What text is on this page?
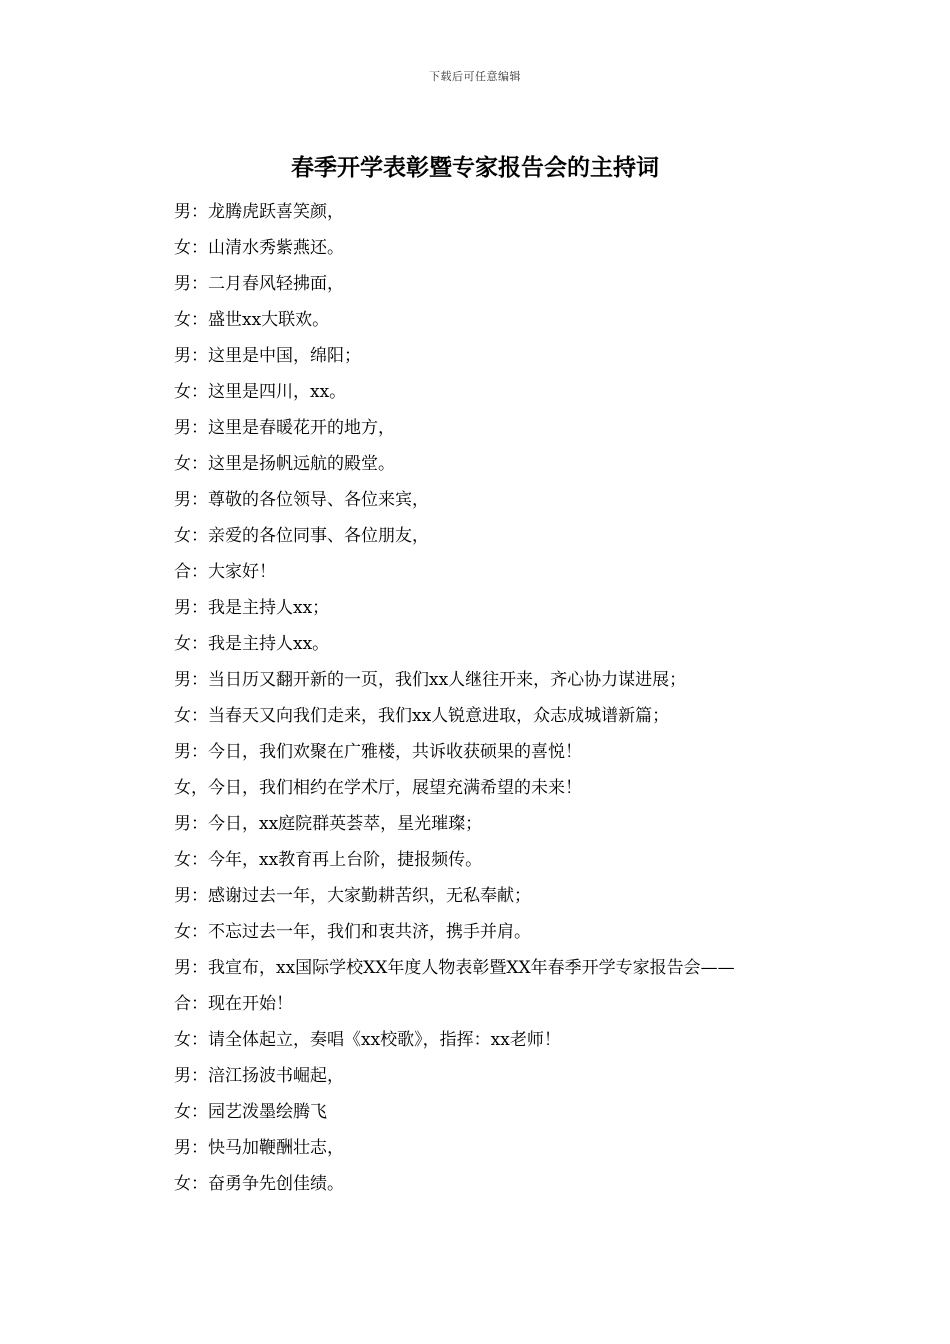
下载后可任意编辑
春季开学表彰暨专家报告会的主持词
男：龙腾虎跃喜笑颜，
女：山清水秀紫燕还。
男：二月春风轻拂面，
女：盛世xx大联欢。
男：这里是中国，绵阳；
女：这里是四川，xx。
男：这里是春暖花开的地方，
女：这里是扬帆远航的殿堂。
男：尊敬的各位领导、各位来宾，
女：亲爱的各位同事、各位朋友，
合：大家好！
男：我是主持人xx；
女：我是主持人xx。
男：当日历又翻开新的一页，我们xx人继往开来，齐心协力谋进展；
女：当春天又向我们走来，我们xx人锐意进取，众志成城谱新篇；
男：今日，我们欢聚在广雅楼，共诉收获硕果的喜悦！
女，今日，我们相约在学术厅，展望充满希望的未来！
男：今日，xx庭院群英荟萃，星光璀璨；
女：今年，xx教育再上台阶，捷报频传。
男：感谢过去一年，大家勤耕苦织，无私奉献；
女：不忘过去一年，我们和衷共济，携手并肩。
男：我宣布，xx国际学校XX年度人物表彰暨XX年春季开学专家报告会——
合：现在开始！
女：请全体起立，奏唱《xx校歌》，指挥：xx老师！
男：涪江扬波书崛起，
女：园艺泼墨绘腾飞
男：快马加鞭酬壮志，
女：奋勇争先创佳绩。
